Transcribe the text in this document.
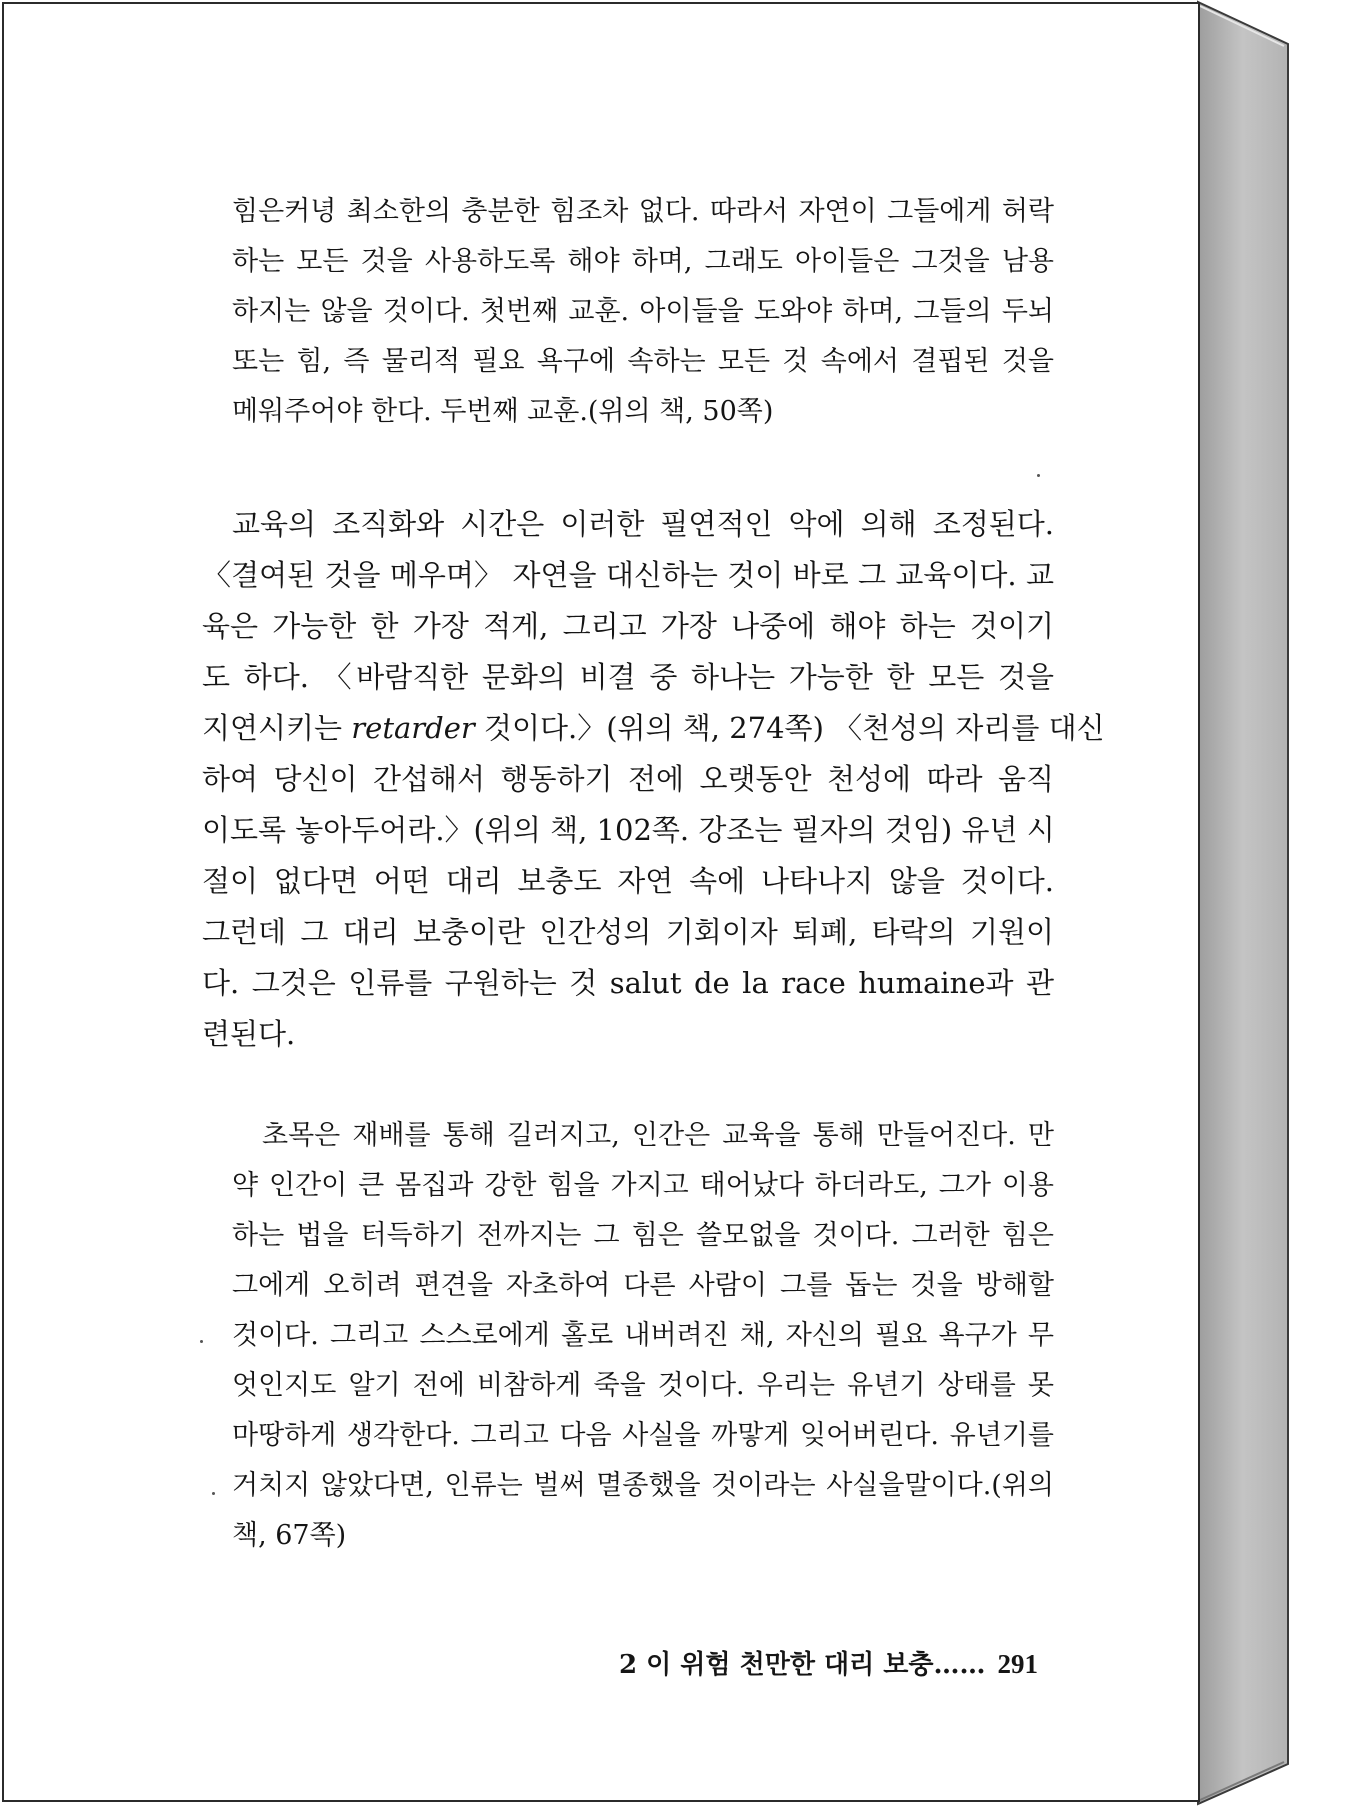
힘은커녕 최소한의 충분한 힘조차 없다. 따라서 자연이 그들에게 허락
하는 모든 것을 사용하도록 해야 하며, 그래도 아이들은 그것을 남용
하지는 않을 것이다. 첫번째 교훈. 아이들을 도와야 하며, 그들의 두뇌
또는 힘, 즉 물리적 필요 욕구에 속하는 모든 것 속에서 결핍된 것을
메워주어야 한다. 두번째 교훈.(위의 책, 50쪽)
교육의 조직화와 시간은 이러한 필연적인 악에 의해 조정된다.
〈결여된 것을 메우며〉 자연을 대신하는 것이 바로 그 교육이다. 교
육은 가능한 한 가장 적게, 그리고 가장 나중에 해야 하는 것이기
도 하다. 〈바람직한 문화의 비결 중 하나는 가능한 한 모든 것을
지연시키는 retarder 것이다.〉(위의 책, 274쪽) 〈천성의 자리를 대신
하여 당신이 간섭해서 행동하기 전에 오랫동안 천성에 따라 움직
이도록 놓아두어라.〉(위의 책, 102쪽. 강조는 필자의 것임) 유년 시
절이 없다면 어떤 대리 보충도 자연 속에 나타나지 않을 것이다.
그런데 그 대리 보충이란 인간성의 기회이자 퇴폐, 타락의 기원이
다. 그것은 인류를 구원하는 것 salut de la race humaine과 관
련된다.
초목은 재배를 통해 길러지고, 인간은 교육을 통해 만들어진다. 만
약 인간이 큰 몸집과 강한 힘을 가지고 태어났다 하더라도, 그가 이용
하는 법을 터득하기 전까지는 그 힘은 쓸모없을 것이다. 그러한 힘은
그에게 오히려 편견을 자초하여 다른 사람이 그를 돕는 것을 방해할
것이다. 그리고 스스로에게 홀로 내버려진 채, 자신의 필요 욕구가 무
엇인지도 알기 전에 비참하게 죽을 것이다. 우리는 유년기 상태를 못
마땅하게 생각한다. 그리고 다음 사실을 까맣게 잊어버린다. 유년기를
거치지 않았다면, 인류는 벌써 멸종했을 것이라는 사실을말이다.(위의
책, 67쪽)
2 이 위험 천만한 대리 보충…… 291
